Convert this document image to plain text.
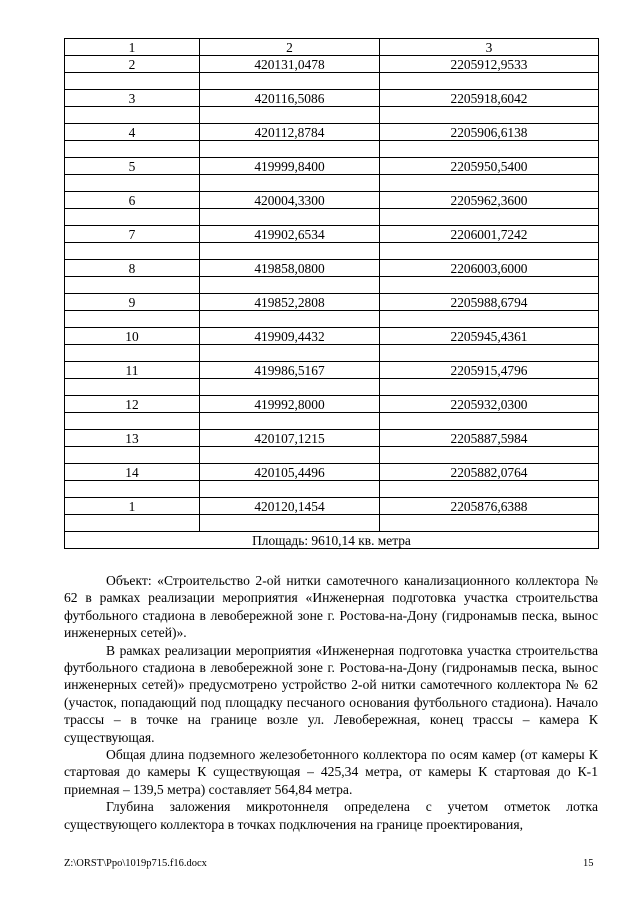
1	2	3
2	420131,0478	2205912,9533

3	420116,5086	2205918,6042

4	420112,8784	2205906,6138

5	419999,8400	2205950,5400

6	420004,3300	2205962,3600

7	419902,6534	2206001,7242

8	419858,0800	2206003,6000

9	419852,2808	2205988,6794

10	419909,4432	2205945,4361

11	419986,5167	2205915,4796

12	419992,8000	2205932,0300

13	420107,1215	2205887,5984

14	420105,4496	2205882,0764

1	420120,1454	2205876,6388

Площадь: 9610,14 кв. метра		

Объект: «Строительство 2-ой нитки самотечного канализационного коллектора № 62 в рамках реализации мероприятия «Инженерная подготовка участка строительства футбольного стадиона в левобережной зоне г. Ростова-на-Дону (гидронамыв песка, вынос инженерных сетей)».

В рамках реализации мероприятия «Инженерная подготовка участка строительства футбольного стадиона в левобережной зоне г. Ростова-на-Дону (гидронамыв песка, вынос инженерных сетей)» предусмотрено устройство 2-ой нитки самотечного коллектора № 62 (участок, попадающий под площадку песчаного основания футбольного стадиона). Начало трассы – в точке на границе возле ул. Левобережная, конец трассы – камера К существующая.

Общая длина подземного железобетонного коллектора по осям камер (от камеры К стартовая до камеры К существующая – 425,34 метра, от камеры К стартовая до К-1 приемная – 139,5 метра) составляет 564,84 метра.

Глубина заложения микротоннеля определена с учетом отметок лотка существующего коллектора в точках подключения на границе проектирования,

Z:\ORST\Ppo\1019p715.f16.docx	15
